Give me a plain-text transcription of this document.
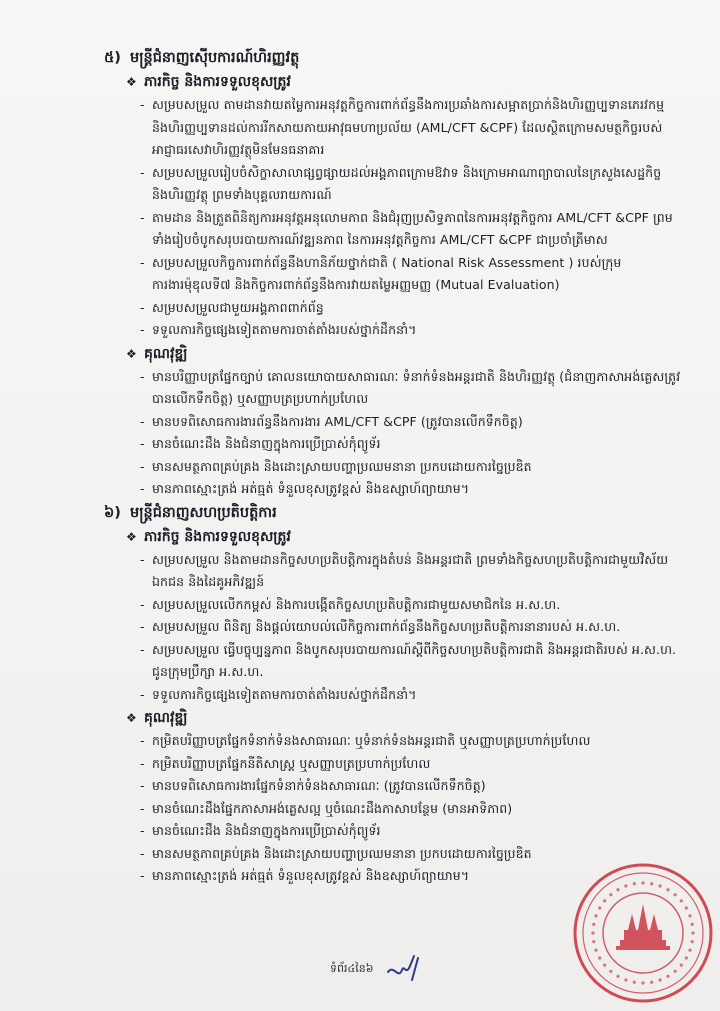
៥) មន្ត្រីជំនាញស៊ើបការណ៍ហិរញ្ញវត្ថុ
❖ ភារកិច្ច និងការទទួលខុសត្រូវ
- សម្របសម្រួល តាមដានវាយតម្លៃការអនុវត្តកិច្ចការពាក់ព័ន្ធនឹងការប្រឆាំងការសម្អាតប្រាក់និងហិរញ្ញប្បទានភេរវកម្ម និងហិរញ្ញប្បទានដល់ការរីកសាយភាយអាវុធមហាប្រល័យ (AML/CFT &CPF) ដែលស្ថិតក្រោមសមត្ថកិច្ចរបស់អាជ្ញាធរសេវាហិរញ្ញវត្ថុមិនមែនធនាគារ
- សម្របសម្រួលរៀបចំសិក្ខាសាលាផ្សព្វផ្សាយដល់អង្គភាពក្រោមឱវាទ និងក្រោមអាណាព្យាបាលនៃក្រសួងសេដ្ឋកិច្ចនិងហិរញ្ញវត្ថុ ព្រមទាំងបុគ្គលរាយការណ៍
- តាមដាន និងត្រួតពិនិត្យការអនុវត្តអនុលោមភាព និងជំរុញប្រសិទ្ធភាពនៃការអនុវត្តកិច្ចការ AML/CFT &CPF ព្រមទាំងរៀបចំបូកសរុបរបាយការណ៍វឌ្ឍនភាព នៃការអនុវត្តកិច្ចការ AML/CFT &CPF ជាប្រចាំត្រីមាស
- សម្របសម្រួលកិច្ចការពាក់ព័ន្ធនឹងហានិភ័យថ្នាក់ជាតិ ( National Risk Assessment ) របស់ក្រុមការងារម៉ុឌុលទី៧ និងកិច្ចការពាក់ព័ន្ធនឹងការវាយតម្លៃអញ្ញមញ្ញ (Mutual Evaluation)
- សម្របសម្រួលជាមួយអង្គភាពពាក់ព័ន្ធ
- ទទួលភារកិច្ចផ្សេងទៀតតាមការចាត់តាំងរបស់ថ្នាក់ដឹកនាំ។
❖ គុណវុឌ្ឍិ
- មានបរិញ្ញាបត្រផ្នែកច្បាប់ គោលនយោបាយសាធារណៈ ទំនាក់ទំនងអន្តរជាតិ និងហិរញ្ញវត្ថុ (ជំនាញភាសាអង់គ្លេសត្រូវបានលើកទឹកចិត្ត) ឬសញ្ញាបត្រប្រហាក់ប្រហែល
- មានបទពិសោធការងារព័ន្ធនឹងការងារ AML/CFT &CPF (ត្រូវបានលើកទឹកចិត្ត)
- មានចំណេះដឹង និងជំនាញក្នុងការប្រើប្រាស់កុំព្យូទ័រ
- មានសមត្ថភាពគ្រប់គ្រង និងដោះស្រាយបញ្ហាប្រឈមនានា ប្រកបដោយការច្នៃប្រឌិត
- មានភាពស្មោះត្រង់ អត់ធ្មត់ ទំនួលខុសត្រូវខ្ពស់ និងឧស្សាហ៍ព្យាយាម។
៦) មន្ត្រីជំនាញសហប្រតិបត្តិការ
❖ ភារកិច្ច និងការទទួលខុសត្រូវ
- សម្របសម្រួល និងតាមដានកិច្ចសហប្រតិបត្តិការក្នុងតំបន់ និងអន្តរជាតិ ព្រមទាំងកិច្ចសហប្រតិបត្តិការជាមួយវិស័យឯកជន និងដៃគូអភិវឌ្ឍន៍
- សម្របសម្រួលលើកកម្ពស់ និងការបង្កើតកិច្ចសហប្រតិបត្តិការជាមួយសមាជិកនៃ អ.ស.ហ.
- សម្របសម្រួល ពិនិត្យ និងផ្តល់យោបល់លើកិច្ចការពាក់ព័ន្ធនឹងកិច្ចសហប្រតិបត្តិការនានារបស់ អ.ស.ហ.
- សម្របសម្រួល ធ្វើបច្ចុប្បន្នភាព និងបូកសរុបរបាយការណ៍ស្តីពីកិច្ចសហប្រតិបត្តិការជាតិ និងអន្តរជាតិរបស់ អ.ស.ហ. ជូនក្រុមប្រឹក្សា អ.ស.ហ.
- ទទួលភារកិច្ចផ្សេងទៀតតាមការចាត់តាំងរបស់ថ្នាក់ដឹកនាំ។
❖ គុណវុឌ្ឍិ
- កម្រិតបរិញ្ញាបត្រផ្នែកទំនាក់ទំនងសាធារណៈ ឬទំនាក់ទំនងអន្តរជាតិ ឬសញ្ញាបត្រប្រហាក់ប្រហែល
- កម្រិតបរិញ្ញាបត្រផ្នែកនីតិសាស្ត្រ ឬសញ្ញាបត្រប្រហាក់ប្រហែល
- មានបទពិសោធការងារផ្នែកទំនាក់ទំនងសាធារណៈ (ត្រូវបានលើកទឹកចិត្ត)
- មានចំណេះដឹងផ្នែកភាសាអង់គ្លេសល្អ ឬចំណេះដឹងភាសាបន្ថែម (មានអាទិភាព)
- មានចំណេះដឹង និងជំនាញក្នុងការប្រើប្រាស់កុំព្យូទ័រ
- មានសមត្ថភាពគ្រប់គ្រង និងដោះស្រាយបញ្ហាប្រឈមនានា ប្រកបដោយការច្នៃប្រឌិត
- មានភាពស្មោះត្រង់ អត់ធ្មត់ ទំនួលខុសត្រូវខ្ពស់ និងឧស្សាហ៍ព្យាយាម។
ទំព័រ៤នៃ៦
